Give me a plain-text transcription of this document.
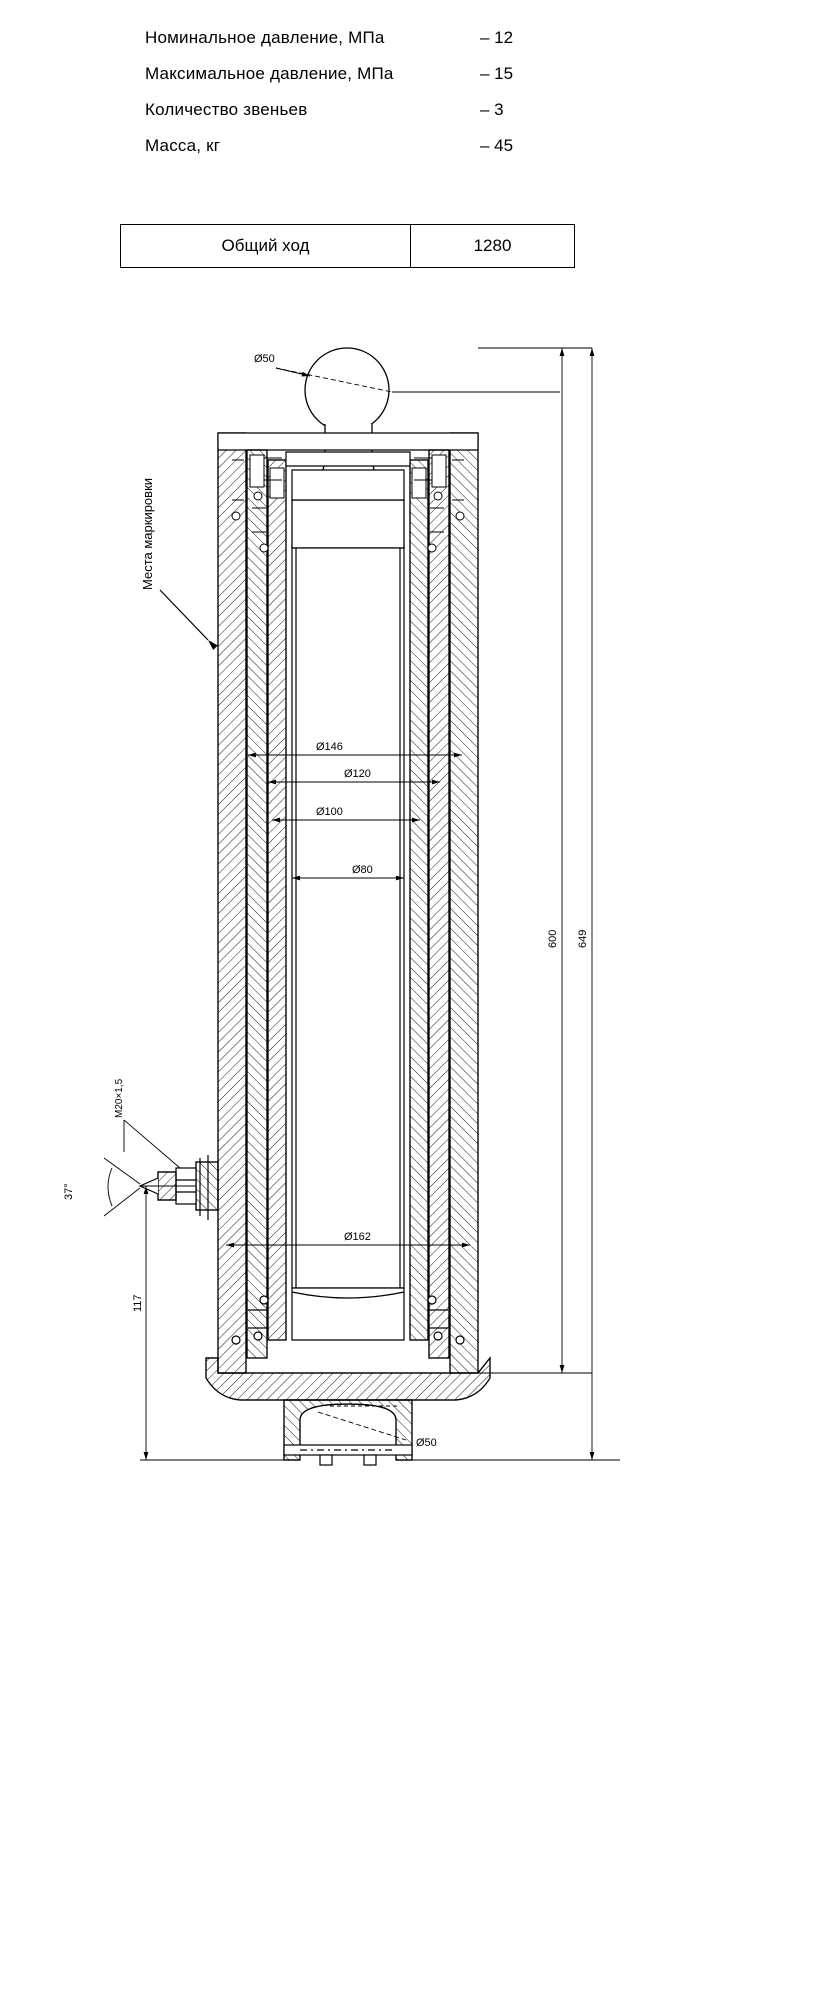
Номинальное давление, МПа	– 12
Максимальное давление, МПа	– 15
Количество звеньев	– 3
Масса, кг	– 45
Общий ход	1280
Ø50
Ø146
Ø120
Ø100
Ø80
Ø162
Ø50
600 649
117
Места маркировки
M20×1,5
37°
